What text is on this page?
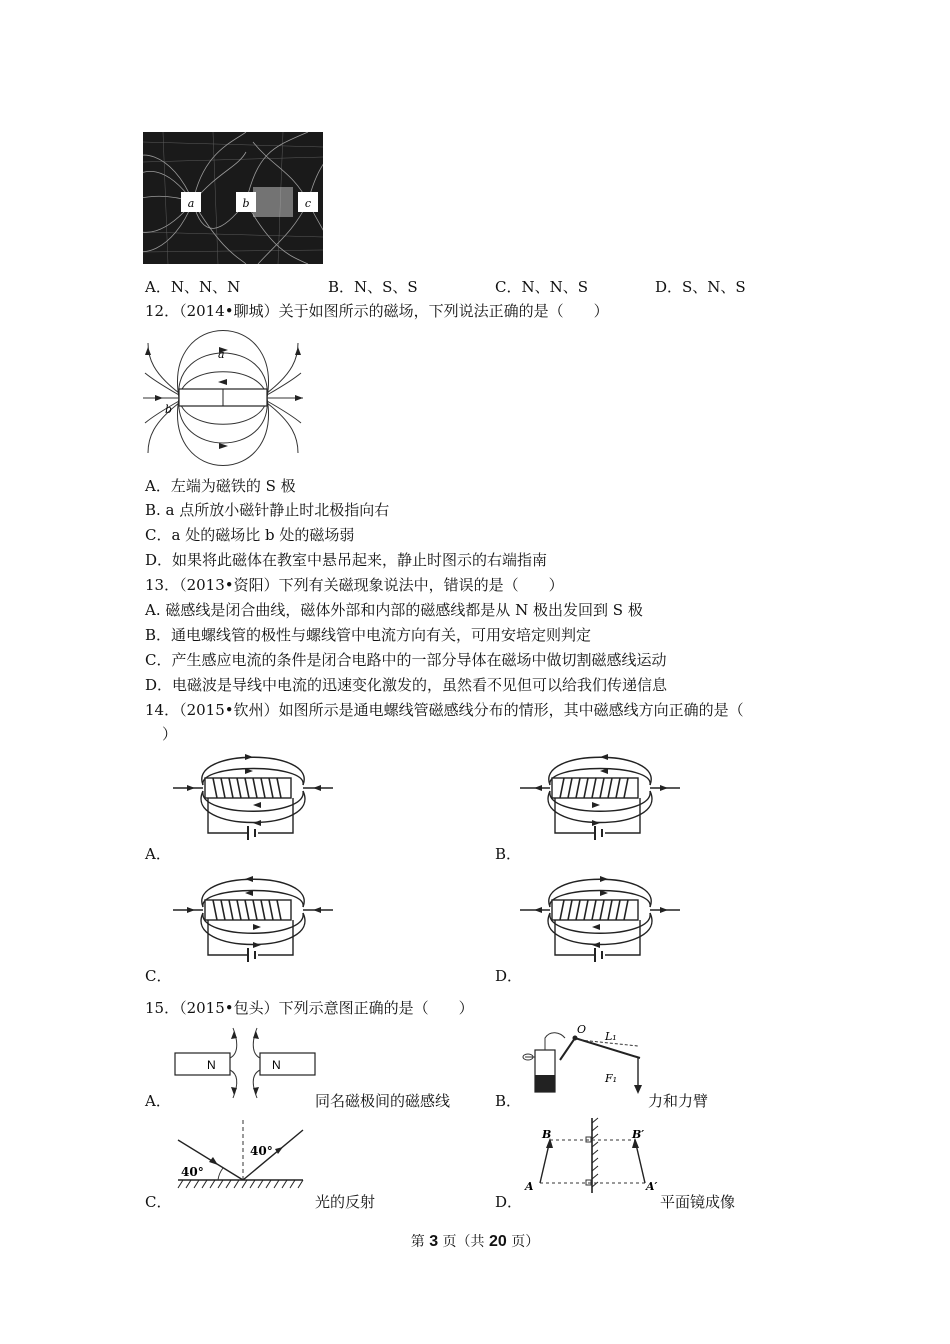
a	b	c
A．N、N、N	B．N、S、S	C．N、N、S	D．S、N、S
12．（2014•聊城）关于如图所示的磁场，下列说法正确的是（　　）
a
b
A．左端为磁铁的 S 极
B. a 点所放小磁针静止时北极指向右
C．a 处的磁场比 b 处的磁场弱
D．如果将此磁体在教室中悬吊起来，静止时图示的右端指南
13．（2013•资阳）下列有关磁现象说法中，错误的是（　　）
A. 磁感线是闭合曲线，磁体外部和内部的磁感线都是从 N 极出发回到 S 极
B．通电螺线管的极性与螺线管中电流方向有关，可用安培定则判定
C．产生感应电流的条件是闭合电路中的一部分导体在磁场中做切割磁感线运动
D．电磁波是导线中电流的迅速变化激发的，虽然看不见但可以给我们传递信息
14．（2015•钦州）如图所示是通电螺线管磁感线分布的情形，其中磁感线方向正确的是（
）
A．	B．
C．	D．
15．（2015•包头）下列示意图正确的是（　　）
N	N
A．	同名磁极间的磁感线
O
L₁
F₁
B．	力和力臂
40°
40°
C．	光的反射
B	B′
A	A′
D．	平面镜成像
第 3 页（共 20 页）
